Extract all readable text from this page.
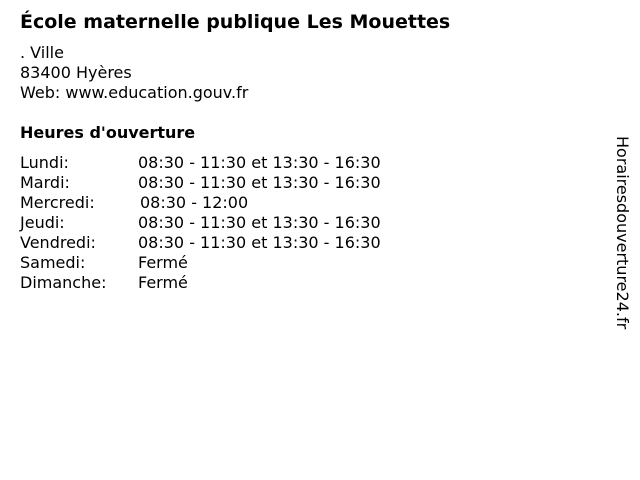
École maternelle publique Les Mouettes
. Ville
83400 Hyères
Web: www.education.gouv.fr
Heures d'ouverture
Lundi:	08:30 - 11:30 et 13:30 - 16:30
Mardi:	08:30 - 11:30 et 13:30 - 16:30
Mercredi:	08:30 - 12:00
Jeudi:	08:30 - 11:30 et 13:30 - 16:30
Vendredi:	08:30 - 11:30 et 13:30 - 16:30
Samedi:	Fermé
Dimanche: Fermé	Horairesdouverture24.fr
